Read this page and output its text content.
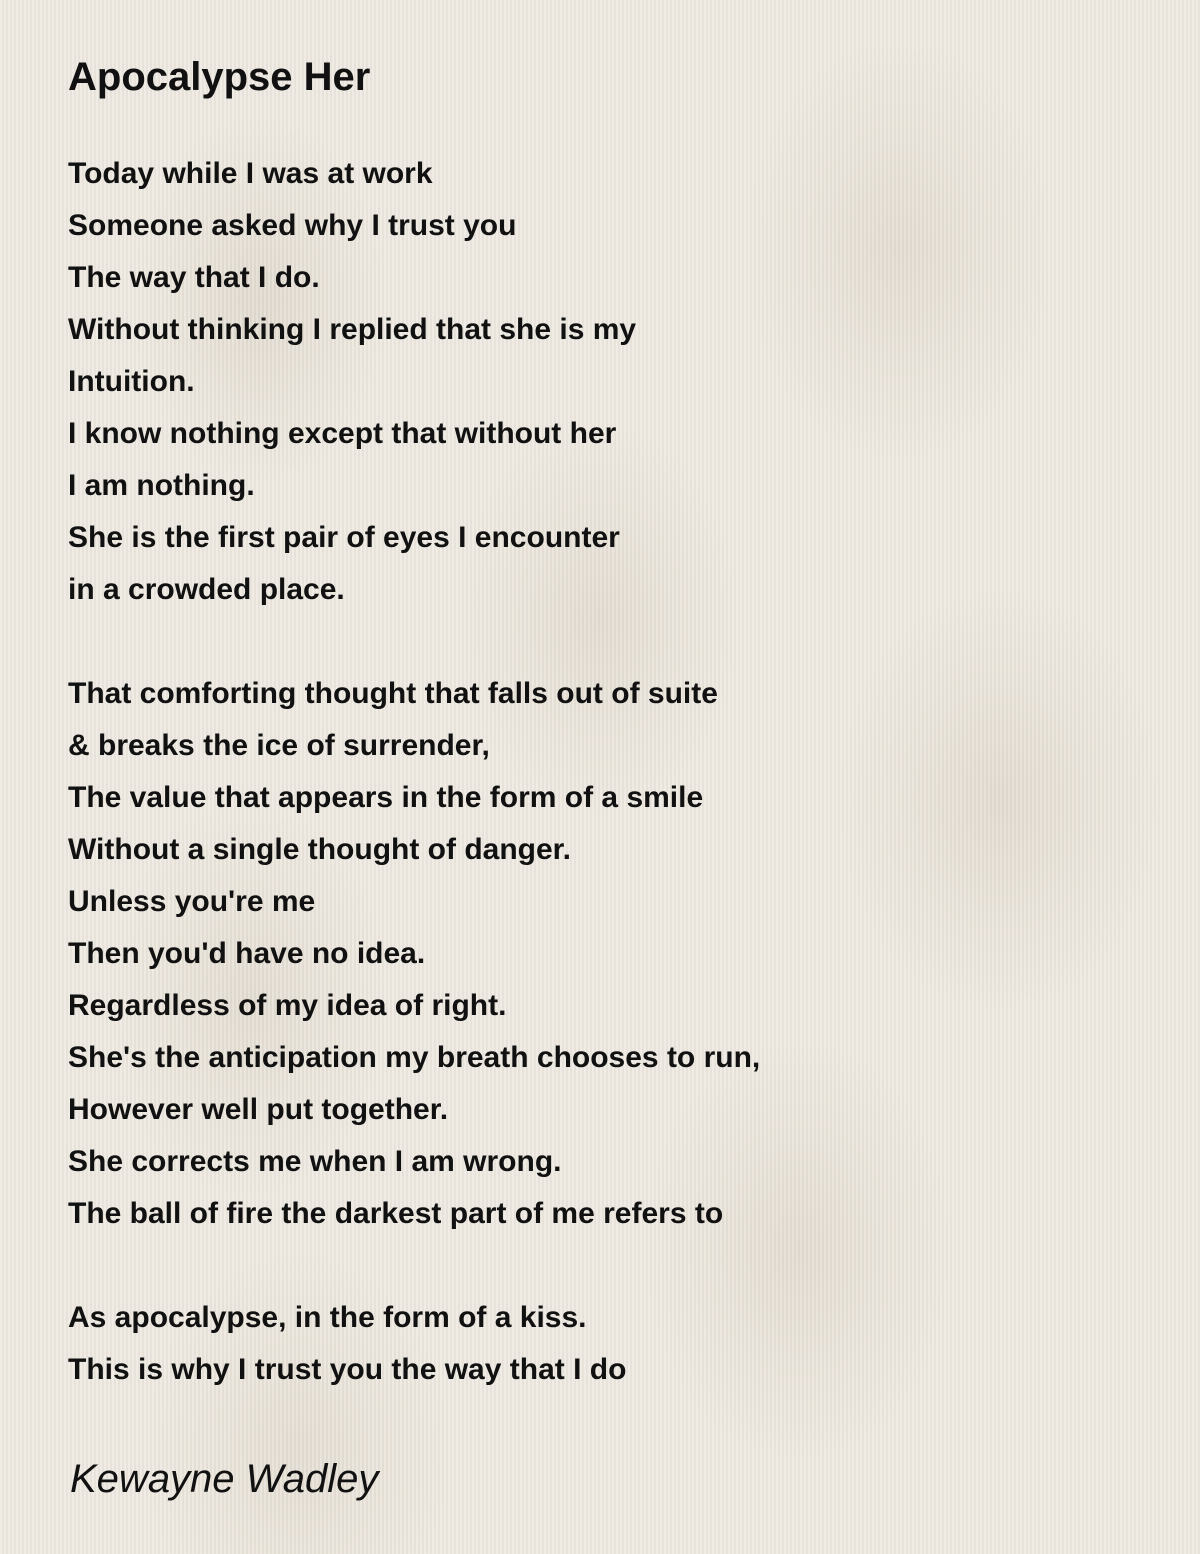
Apocalypse Her
Today while I was at work
Someone asked why I trust you
The way that I do.
Without thinking I replied that she is my
Intuition.
I know nothing except that without her
I am nothing.
She is the first pair of eyes I encounter
in a crowded place.
That comforting thought that falls out of suite
& breaks the ice of surrender,
The value that appears in the form of a smile
Without a single thought of danger.
Unless you're me
Then you'd have no idea.
Regardless of my idea of right.
She's the anticipation my breath chooses to run,
However well put together.
She corrects me when I am wrong.
The ball of fire the darkest part of me refers to
As apocalypse, in the form of a kiss.
This is why I trust you the way that I do
Kewayne Wadley
